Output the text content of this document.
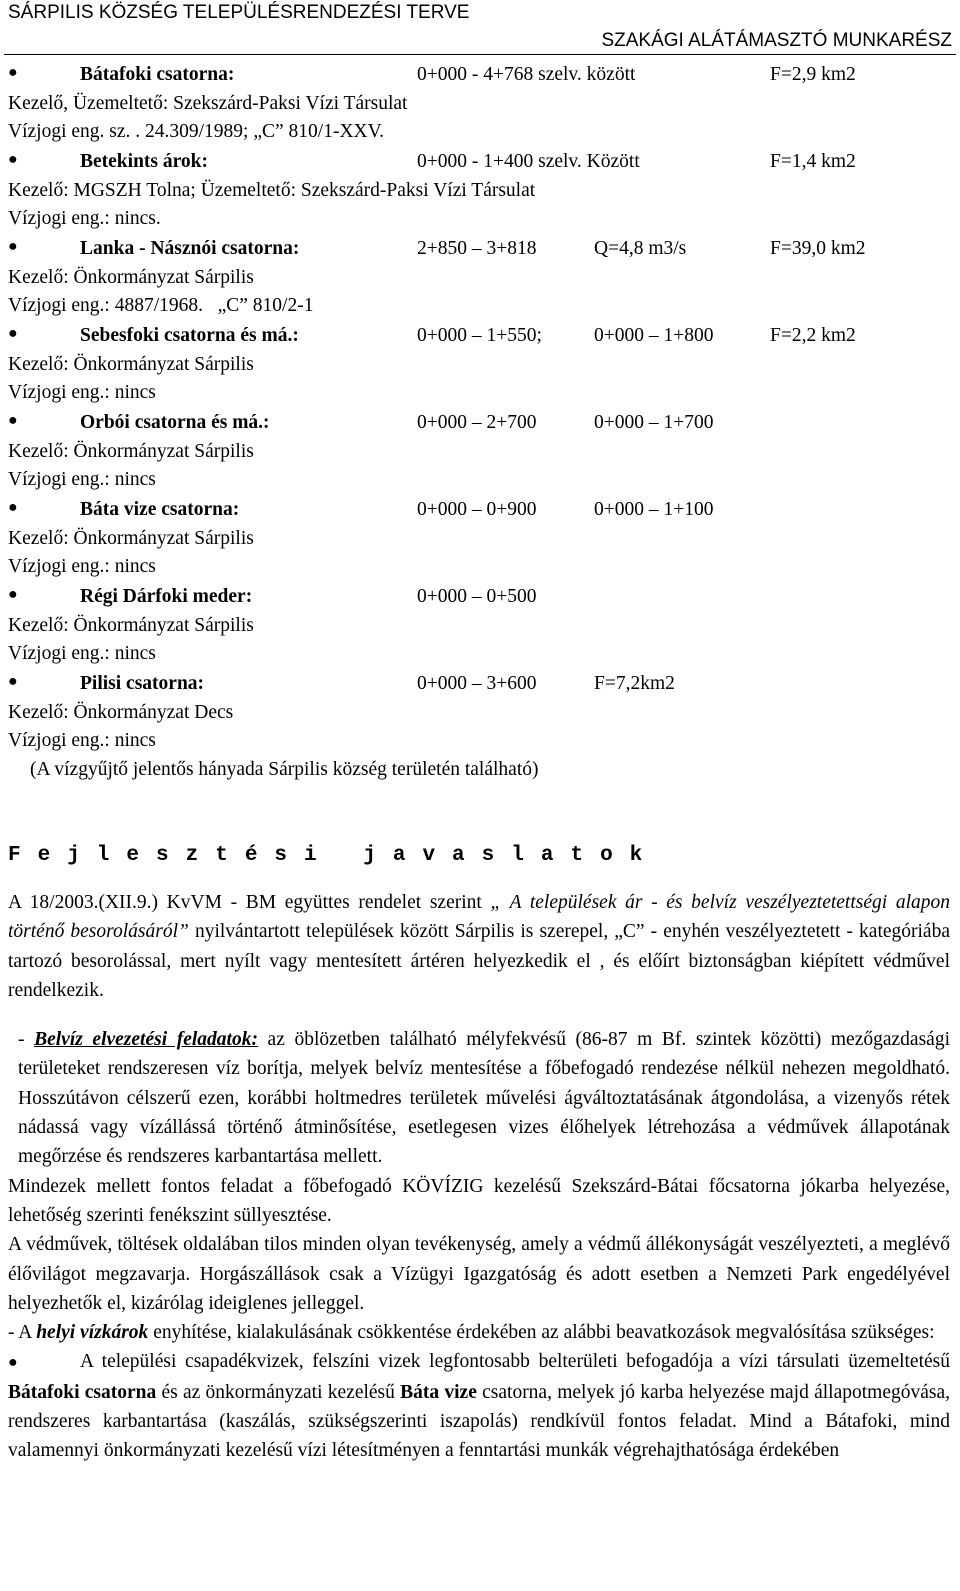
SÁRPILIS KÖZSÉG TELEPÜLÉSRENDEZÉSI TERVE
SZAKÁGI ALÁTÁMASZTÓ MUNKARÉSZ
●	Bátafoki csatorna:	0+000 - 4+768 szelv. között	F=2,9 km2
Kezelő, Üzemeltető: Szekszárd-Paksi Vízi Társulat
Vízjogi eng. sz. . 24.309/1989; „C” 810/1-XXV.
●	Betekints árok:	0+000 - 1+400 szelv. Között	F=1,4 km2
Kezelő: MGSZH Tolna; Üzemeltető: Szekszárd-Paksi Vízi Társulat
Vízjogi eng.: nincs.
●	Lanka - Násznói csatorna:	2+850 – 3+818	Q=4,8 m3/s	F=39,0 km2
Kezelő: Önkormányzat Sárpilis
Vízjogi eng.: 4887/1968.   „C” 810/2-1
●	Sebesfoki csatorna és má.:	0+000 – 1+550;	0+000 – 1+800	F=2,2 km2
Kezelő: Önkormányzat Sárpilis
Vízjogi eng.: nincs
●	Orbói csatorna és má.:	0+000 – 2+700	0+000 – 1+700
Kezelő: Önkormányzat Sárpilis
Vízjogi eng.: nincs
●	Báta vize csatorna:	0+000 – 0+900	0+000 – 1+100
Kezelő: Önkormányzat Sárpilis
Vízjogi eng.: nincs
●	Régi Dárfoki meder:	0+000 – 0+500
Kezelő: Önkormányzat Sárpilis
Vízjogi eng.: nincs
●	Pilisi csatorna:	0+000 – 3+600	F=7,2km2
Kezelő: Önkormányzat Decs
Vízjogi eng.: nincs
(A vízgyűjtő jelentős hányada Sárpilis község területén található)
F e j l e s z t é s i   j a v a s l a t o k

A 18/2003.(XII.9.) KvVM - BM együttes rendelet szerint „ A települések ár - és belvíz veszélyeztetettségi alapon történő besorolásáról” nyilvántartott települések között Sárpilis is szerepel, „C” - enyhén veszélyeztetett - kategóriába tartozó besorolással, mert nyílt vagy mentesített ártéren helyezkedik el , és előírt biztonságban kiépített védművel rendelkezik.

- Belvíz elvezetési feladatok: az öblözetben található mélyfekvésű (86-87 m Bf. szintek közötti) mezőgazdasági területeket rendszeresen víz borítja, melyek belvíz mentesítése a főbefogadó rendezése nélkül nehezen megoldható. Hosszútávon célszerű ezen, korábbi holtmedres területek művelési ágváltoztatásának átgondolása, a vizenyős rétek nádassá vagy vízállássá történő átminősítése, esetlegesen vizes élőhelyek létrehozása a védművek állapotának megőrzése és rendszeres karbantartása mellett.

Mindezek mellett fontos feladat a főbefogadó KÖVÍZIG kezelésű Szekszárd-Bátai főcsatorna jókarba helyezése, lehetőség szerinti fenékszint süllyesztése.

A védművek, töltések oldalában tilos minden olyan tevékenység, amely a védmű állékonyságát veszélyezteti, a meglévő élővilágot megzavarja. Horgászállások csak a Vízügyi Igazgatóság és adott esetben a Nemzeti Park engedélyével helyezhetők el, kizárólag ideiglenes jelleggel.

- A helyi vízkárok enyhítése, kialakulásának csökkentése érdekében az alábbi beavatkozások megvalósítása szükséges:

●	A települési csapadékvizek, felszíni vizek legfontosabb belterületi befogadója a vízi társulati üzemeltetésű Bátafoki csatorna és az önkormányzati kezelésű Báta vize csatorna, melyek jó karba helyezése majd állapotmegóvása, rendszeres karbantartása (kaszálás, szükségszerinti iszapolás) rendkívül fontos feladat. Mind a Bátafoki, mind valamennyi önkormányzati kezelésű vízi létesítményen a fenntartási munkák végrehajthatósága érdekében
